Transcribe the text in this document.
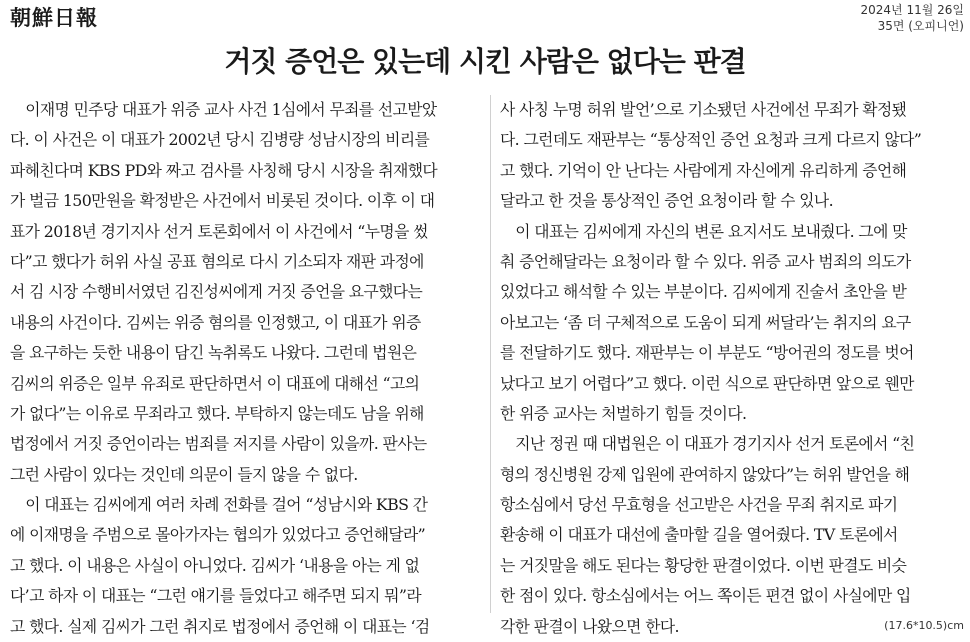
朝鮮日報	2024년 11월 26일
35면 (오피니언)
거짓 증언은 있는데 시킨 사람은 없다는 판결
　이재명 민주당 대표가 위증 교사 사건 1심에서 무죄를 선고받았
다. 이 사건은 이 대표가 2002년 당시 김병량 성남시장의 비리를
파헤친다며 KBS PD와 짜고 검사를 사칭해 당시 시장을 취재했다
가 벌금 150만원을 확정받은 사건에서 비롯된 것이다. 이후 이 대
표가 2018년 경기지사 선거 토론회에서 이 사건에서 “누명을 썼
다”고 했다가 허위 사실 공표 혐의로 다시 기소되자 재판 과정에
서 김 시장 수행비서였던 김진성씨에게 거짓 증언을 요구했다는
내용의 사건이다. 김씨는 위증 혐의를 인정했고, 이 대표가 위증
을 요구하는 듯한 내용이 담긴 녹취록도 나왔다. 그런데 법원은
김씨의 위증은 일부 유죄로 판단하면서 이 대표에 대해선 “고의
가 없다”는 이유로 무죄라고 했다. 부탁하지 않는데도 남을 위해
법정에서 거짓 증언이라는 범죄를 저지를 사람이 있을까. 판사는
그런 사람이 있다는 것인데 의문이 들지 않을 수 없다.
　이 대표는 김씨에게 여러 차례 전화를 걸어 “성남시와 KBS 간
에 이재명을 주범으로 몰아가자는 협의가 있었다고 증언해달라”
고 했다. 이 내용은 사실이 아니었다. 김씨가 ‘내용을 아는 게 없
다’고 하자 이 대표는 “그런 얘기를 들었다고 해주면 되지 뭐”라
고 했다. 실제 김씨가 그런 취지로 법정에서 증언해 이 대표는 ‘검
사 사칭 누명 허위 발언’으로 기소됐던 사건에선 무죄가 확정됐
다. 그런데도 재판부는 “통상적인 증언 요청과 크게 다르지 않다”
고 했다. 기억이 안 난다는 사람에게 자신에게 유리하게 증언해
달라고 한 것을 통상적인 증언 요청이라 할 수 있나.
　이 대표는 김씨에게 자신의 변론 요지서도 보내줬다. 그에 맞
춰 증언해달라는 요청이라 할 수 있다. 위증 교사 범죄의 의도가
있었다고 해석할 수 있는 부분이다. 김씨에게 진술서 초안을 받
아보고는 ‘좀 더 구체적으로 도움이 되게 써달라’는 취지의 요구
를 전달하기도 했다. 재판부는 이 부분도 “방어권의 정도를 벗어
났다고 보기 어렵다”고 했다. 이런 식으로 판단하면 앞으로 웬만
한 위증 교사는 처벌하기 힘들 것이다.
　지난 정권 때 대법원은 이 대표가 경기지사 선거 토론에서 “친
형의 정신병원 강제 입원에 관여하지 않았다”는 허위 발언을 해
항소심에서 당선 무효형을 선고받은 사건을 무죄 취지로 파기
환송해 이 대표가 대선에 출마할 길을 열어줬다. TV 토론에서
는 거짓말을 해도 된다는 황당한 판결이었다. 이번 판결도 비슷
한 점이 있다. 항소심에서는 어느 쪽이든 편견 없이 사실에만 입
각한 판결이 나왔으면 한다.	(17.6*10.5)cm
